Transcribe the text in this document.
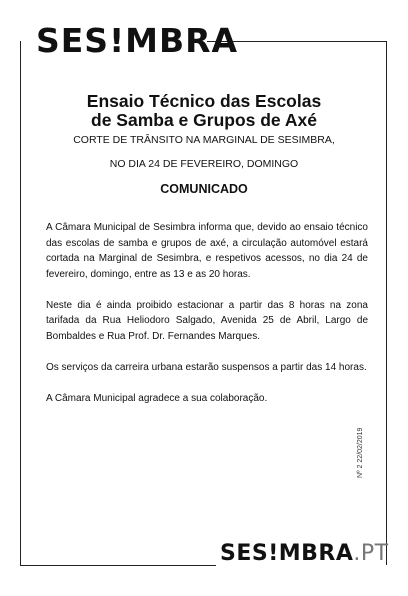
SES!MBRA
Ensaio Técnico das Escolas
de Samba e Grupos de Axé
CORTE DE TRÂNSITO NA MARGINAL DE SESIMBRA,
NO DIA 24 DE FEVEREIRO, DOMINGO
COMUNICADO

A Câmara Municipal de Sesimbra informa que, devido ao ensaio técnico das escolas de samba e grupos de axé, a circulação automóvel estará cortada na Marginal de Sesimbra, e respetivos acessos, no dia 24 de fevereiro, domingo, entre as 13 e as 20 horas.

Neste dia é ainda proibido estacionar a partir das 8 horas na zona tarifada da Rua Heliodoro Salgado, Avenida 25 de Abril, Largo de Bombaldes e Rua Prof. Dr. Fernandes Marques.

Os serviços da carreira urbana estarão suspensos a partir das 14 horas.

A Câmara Municipal agradece a sua colaboração.

Nº 2 22/02/2019
SES!MBRA.PT
